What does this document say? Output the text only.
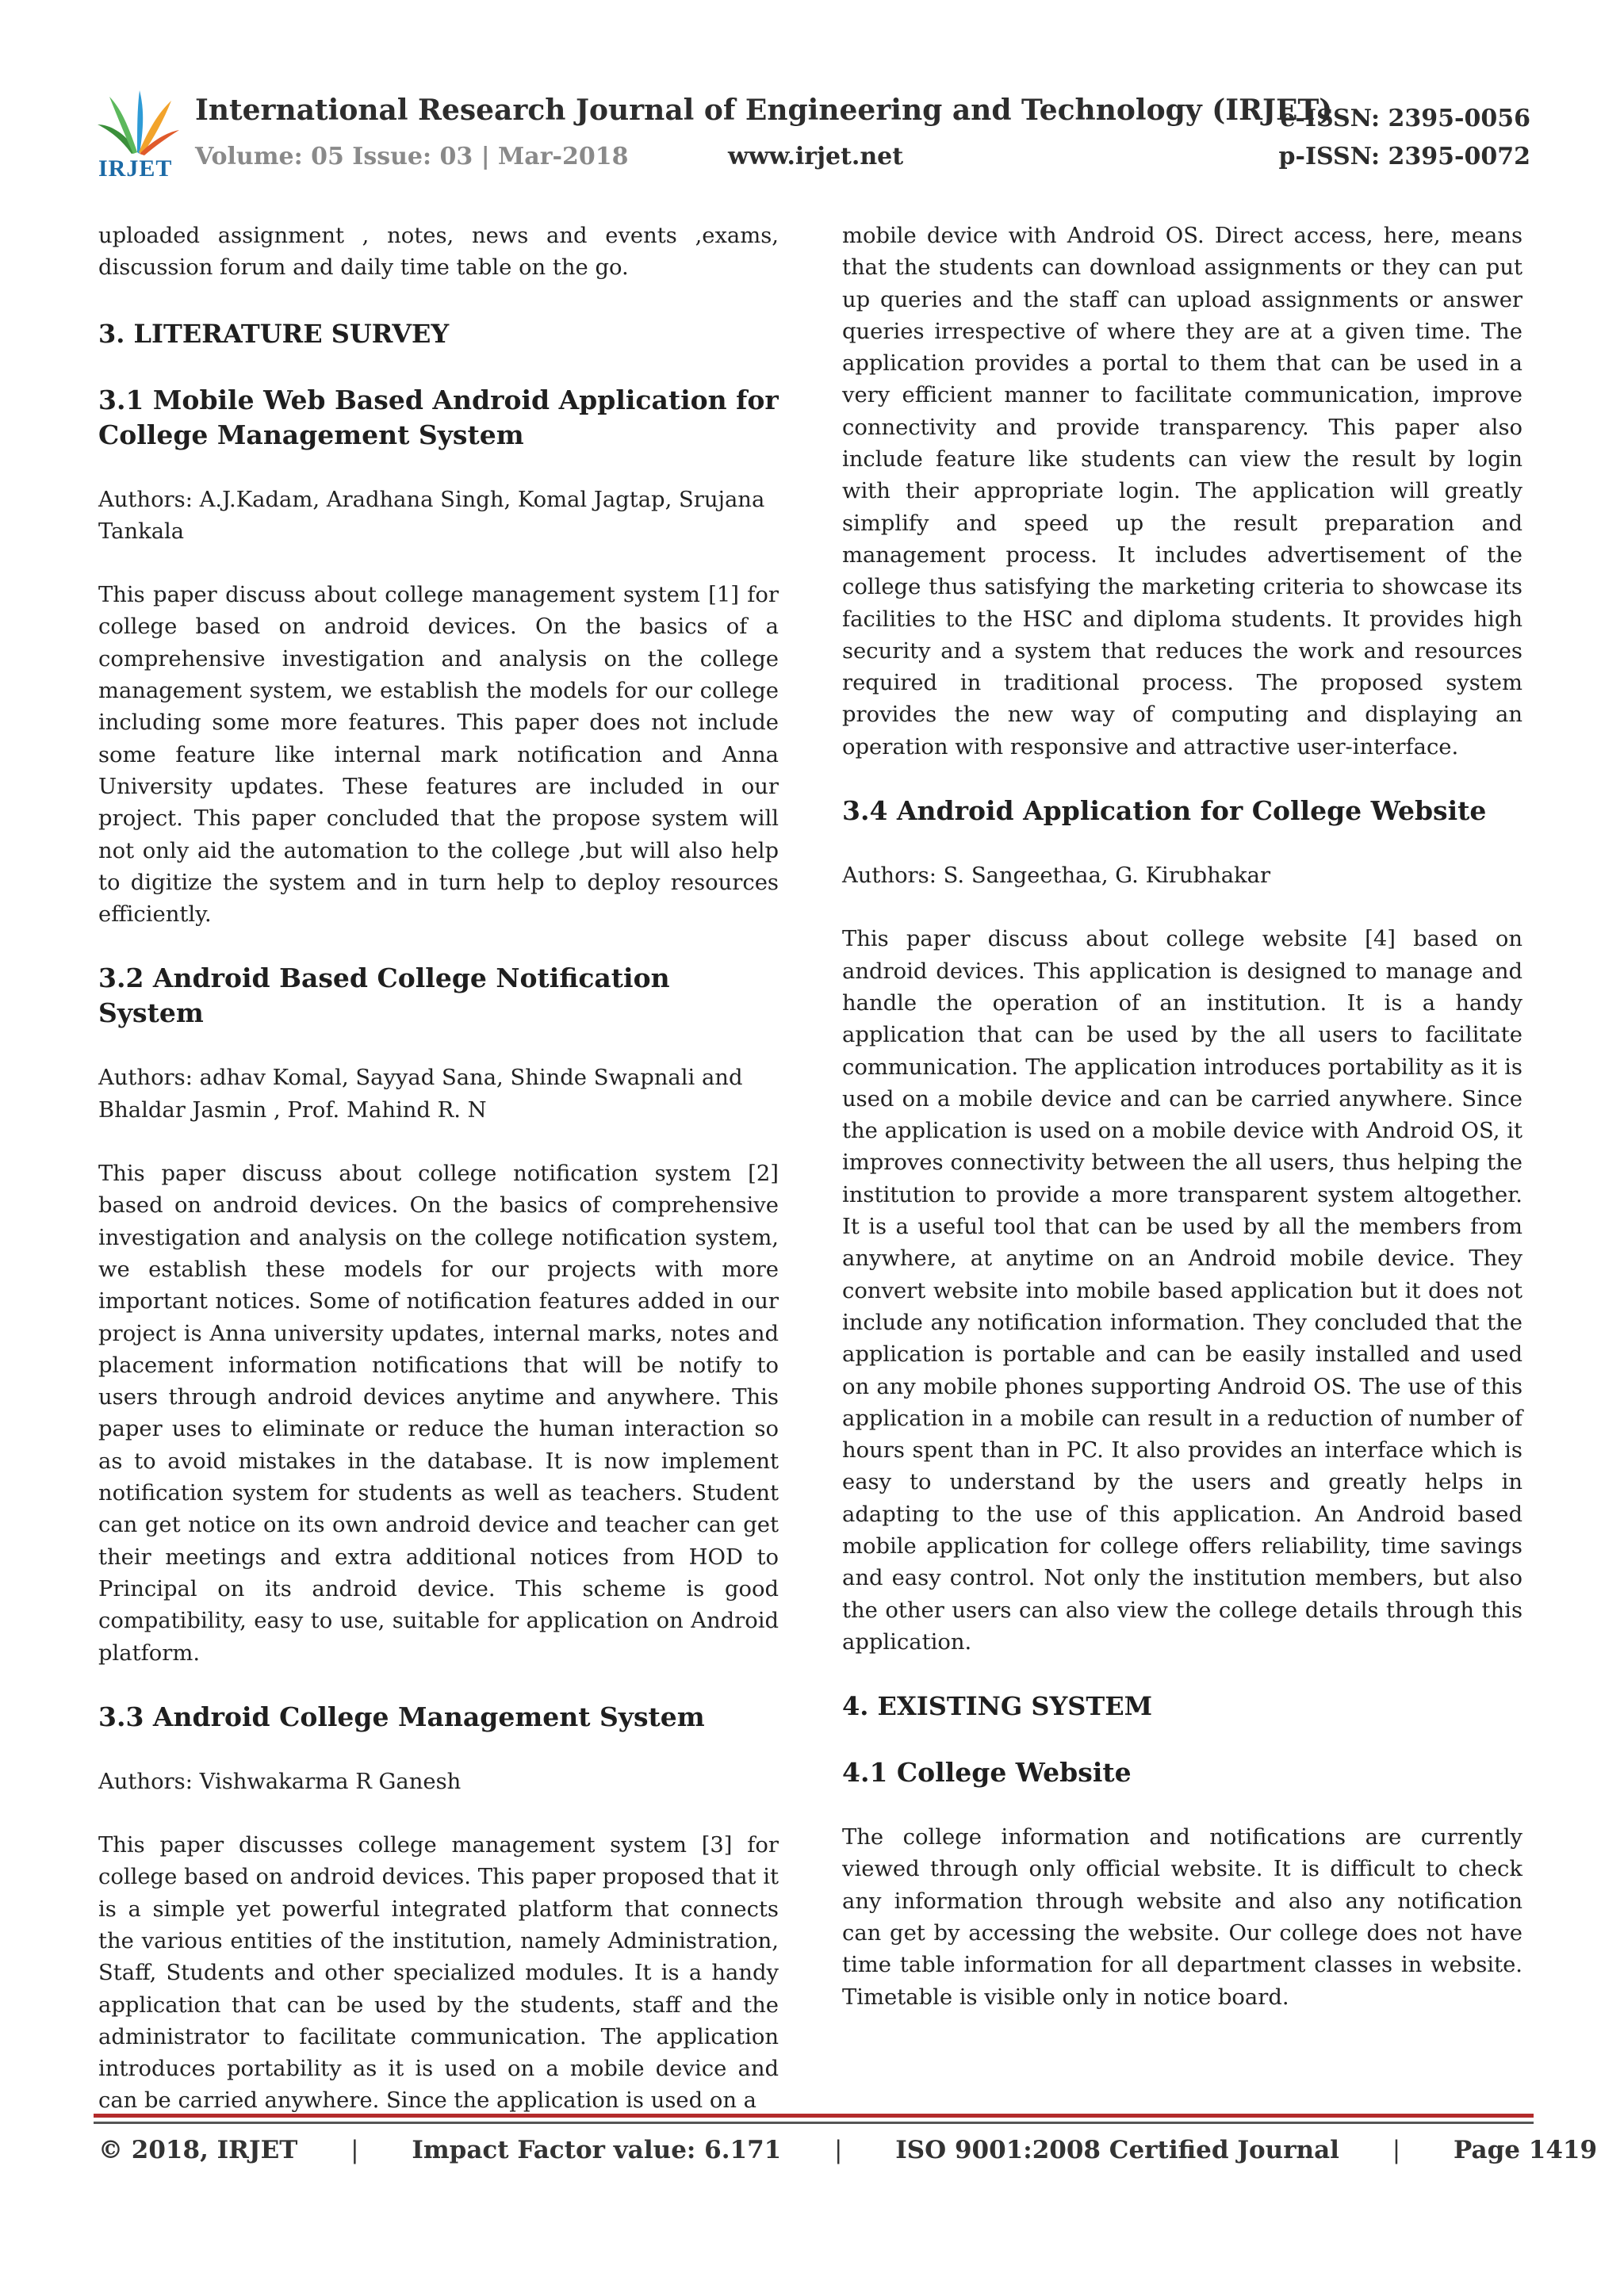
IRJET
International Research Journal of Engineering and Technology (IRJET)
e-ISSN: 2395-0056
Volume: 05 Issue: 03 | Mar-2018	www.irjet.net	p-ISSN: 2395-0072

uploaded assignment , notes, news and events ,exams, discussion forum and daily time table on the go.

3. LITERATURE SURVEY
3.1 Mobile Web Based Android Application for College Management System

Authors: A.J.Kadam, Aradhana Singh, Komal Jagtap, Srujana Tankala

This paper discuss about college management system [1] for college based on android devices. On the basics of a comprehensive investigation and analysis on the college management system, we establish the models for our college including some more features. This paper does not include some feature like internal mark notification and Anna University updates. These features are included in our project. This paper concluded that the propose system will not only aid the automation to the college ,but will also help to digitize the system and in turn help to deploy resources efficiently.

3.2 Android Based College Notification System

Authors: adhav Komal, Sayyad Sana, Shinde Swapnali and Bhaldar Jasmin , Prof. Mahind R. N

This paper discuss about college notification system [2] based on android devices. On the basics of comprehensive investigation and analysis on the college notification system, we establish these models for our projects with more important notices. Some of notification features added in our project is Anna university updates, internal marks, notes and placement information notifications that will be notify to users through android devices anytime and anywhere. This paper uses to eliminate or reduce the human interaction so as to avoid mistakes in the database. It is now implement notification system for students as well as teachers. Student can get notice on its own android device and teacher can get their meetings and extra additional notices from HOD to Principal on its android device. This scheme is good compatibility, easy to use, suitable for application on Android platform.

3.3 Android College Management System

Authors: Vishwakarma R Ganesh

This paper discusses college management system [3] for college based on android devices. This paper proposed that it is a simple yet powerful integrated platform that connects the various entities of the institution, namely Administration, Staff, Students and other specialized modules. It is a handy application that can be used by the students, staff and the administrator to facilitate communication. The application introduces portability as it is used on a mobile device and can be carried anywhere. Since the application is used on a

mobile device with Android OS. Direct access, here, means that the students can download assignments or they can put up queries and the staff can upload assignments or answer queries irrespective of where they are at a given time. The application provides a portal to them that can be used in a very efficient manner to facilitate communication, improve connectivity and provide transparency. This paper also include feature like students can view the result by login with their appropriate login. The application will greatly simplify and speed up the result preparation and management process. It includes advertisement of the college thus satisfying the marketing criteria to showcase its facilities to the HSC and diploma students. It provides high security and a system that reduces the work and resources required in traditional process. The proposed system provides the new way of computing and displaying an operation with responsive and attractive user-interface.

3.4 Android Application for College Website

Authors: S. Sangeethaa, G. Kirubhakar

This paper discuss about college website [4] based on android devices. This application is designed to manage and handle the operation of an institution. It is a handy application that can be used by the all users to facilitate communication. The application introduces portability as it is used on a mobile device and can be carried anywhere. Since the application is used on a mobile device with Android OS, it improves connectivity between the all users, thus helping the institution to provide a more transparent system altogether. It is a useful tool that can be used by all the members from anywhere, at anytime on an Android mobile device. They convert website into mobile based application but it does not include any notification information. They concluded that the application is portable and can be easily installed and used on any mobile phones supporting Android OS. The use of this application in a mobile can result in a reduction of number of hours spent than in PC. It also provides an interface which is easy to understand by the users and greatly helps in adapting to the use of this application. An Android based mobile application for college offers reliability, time savings and easy control. Not only the institution members, but also the other users can also view the college details through this application.

4. EXISTING SYSTEM
4.1 College Website

The college information and notifications are currently viewed through only official website. It is difficult to check any information through website and also any notification can get by accessing the website. Our college does not have time table information for all department classes in website. Timetable is visible only in notice board.

© 2018, IRJET | Impact Factor value: 6.171 | ISO 9001:2008 Certified Journal | Page 1419
